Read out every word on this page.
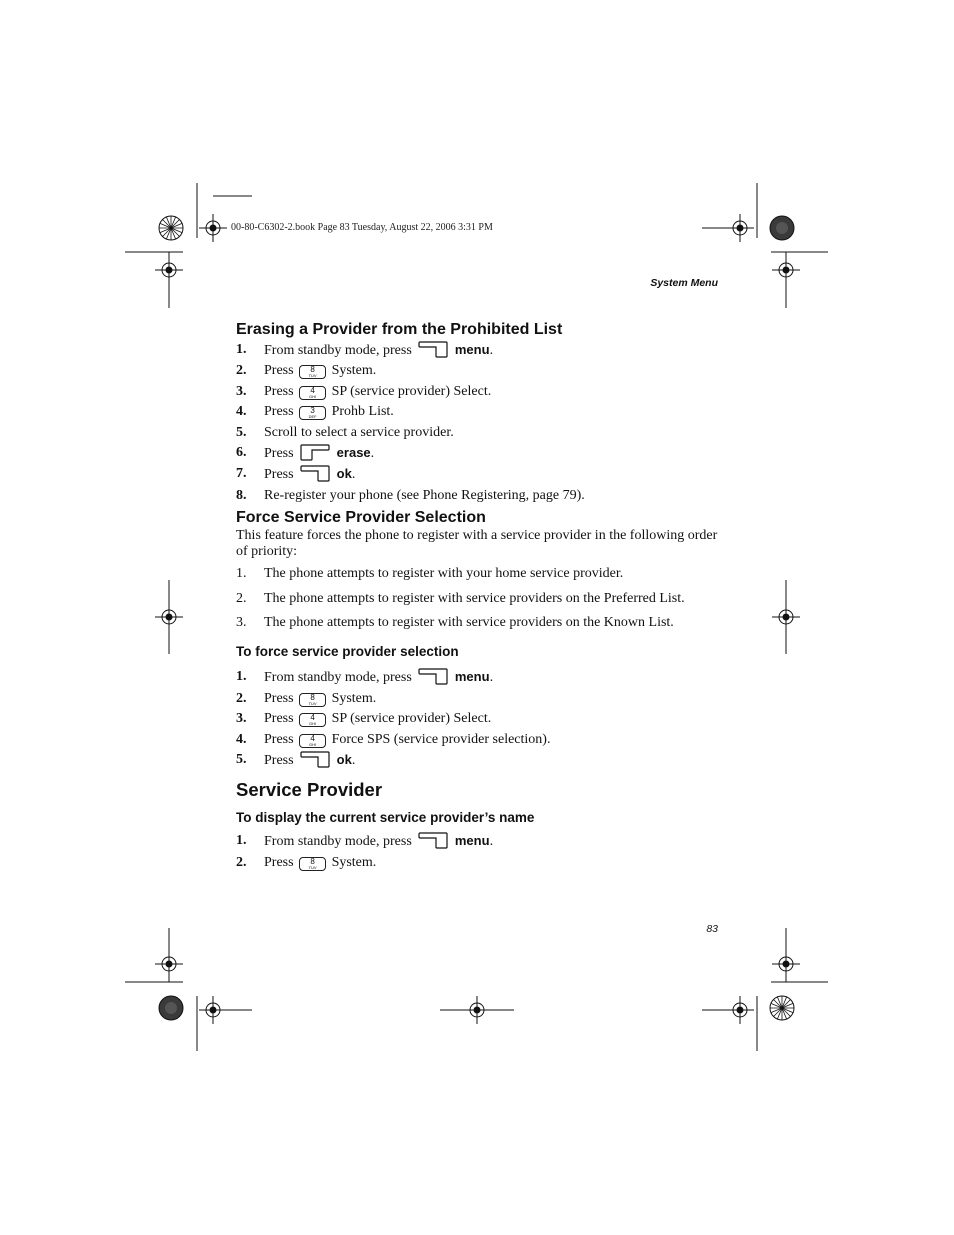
00-80-C6302-2.book Page 83 Tuesday, August 22, 2006 3:31 PM
System Menu
Erasing a Provider from the Prohibited List
1. From standby mode, press	menu.
2. Press	8
TUV System.
3. Press	4
GHI SP (service provider) Select.
4. Press	3
DEF Prohb List.
5. Scroll to select a service provider.
6. Press	erase.
7. Press	ok.
8. Re-register your phone (see Phone Registering, page 79).
Force Service Provider Selection

This feature forces the phone to register with a service provider in the following order of priority:

1. The phone attempts to register with your home service provider.
2. The phone attempts to register with service providers on the Preferred List.
3. The phone attempts to register with service providers on the Known List.
To force service provider selection
1. From standby mode, press	menu.
2. Press	8
TUV System.
3. Press	4
GHI SP (service provider) Select.
4. Press	4
GHI Force SPS (service provider selection).
5. Press	ok.
Service Provider
To display the current service provider’s name
1. From standby mode, press	menu.
2. Press	8
TUV System.
83
